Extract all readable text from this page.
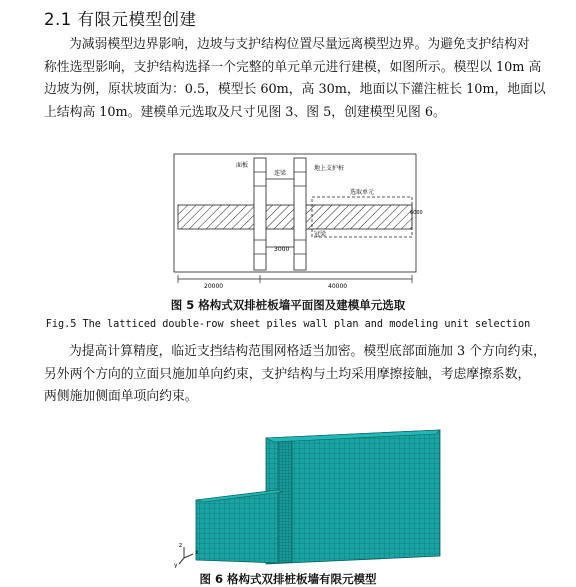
2.1 有限元模型创建
为减弱模型边界影响，边坡与支护结构位置尽量远离模型边界。为避免支护结构对
称性选型影响，支护结构选择一个完整的单元单元进行建模，如图所示。模型以 10m 高
边坡为例，原状坡面为：0.5，模型长 60m，高 30m，地面以下灌注桩长 10m，地面以
上结构高 10m。建模单元选取及尺寸见图 3、图 5，创建模型见图 6。
面板
连梁
地上支护桩
选取单元
冠梁
3000
6000
20000	40000
图 5 格构式双排桩板墙平面图及建模单元选取
Fig.5 The latticed double-row sheet piles wall plan and modeling unit selection
为提高计算精度，临近支挡结构范围网格适当加密。模型底部面施加 3 个方向约束，
另外两个方向的立面只施加单向约束，支护结构与土均采用摩擦接触，考虑摩擦系数，
两侧施加侧面单项向约束。
z
x
y
图 6 格构式双排桩板墙有限元模型
